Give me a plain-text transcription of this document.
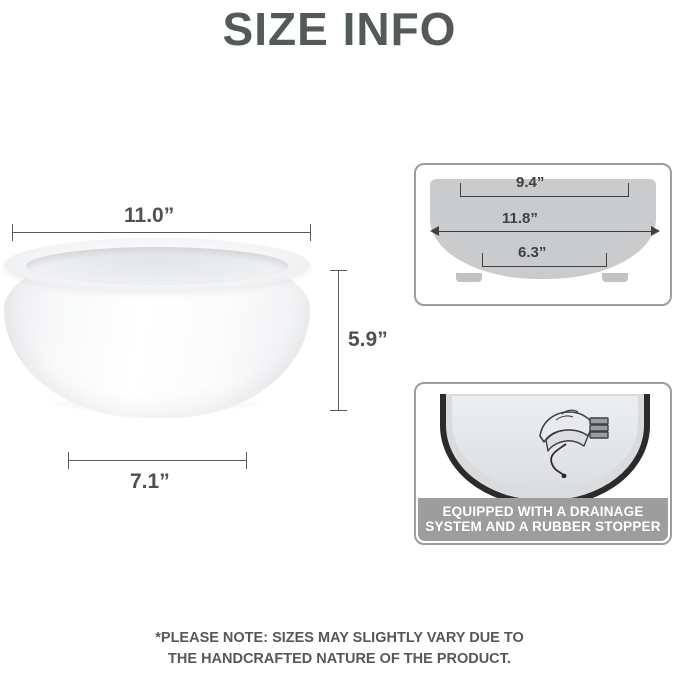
SIZE INFO
11.0”
5.9”
7.1”
9.4”
11.8”
6.3”
EQUIPPED WITH A DRAINAGE
SYSTEM AND A RUBBER STOPPER
*PLEASE NOTE: SIZES MAY SLIGHTLY VARY DUE TO
THE HANDCRAFTED NATURE OF THE PRODUCT.
